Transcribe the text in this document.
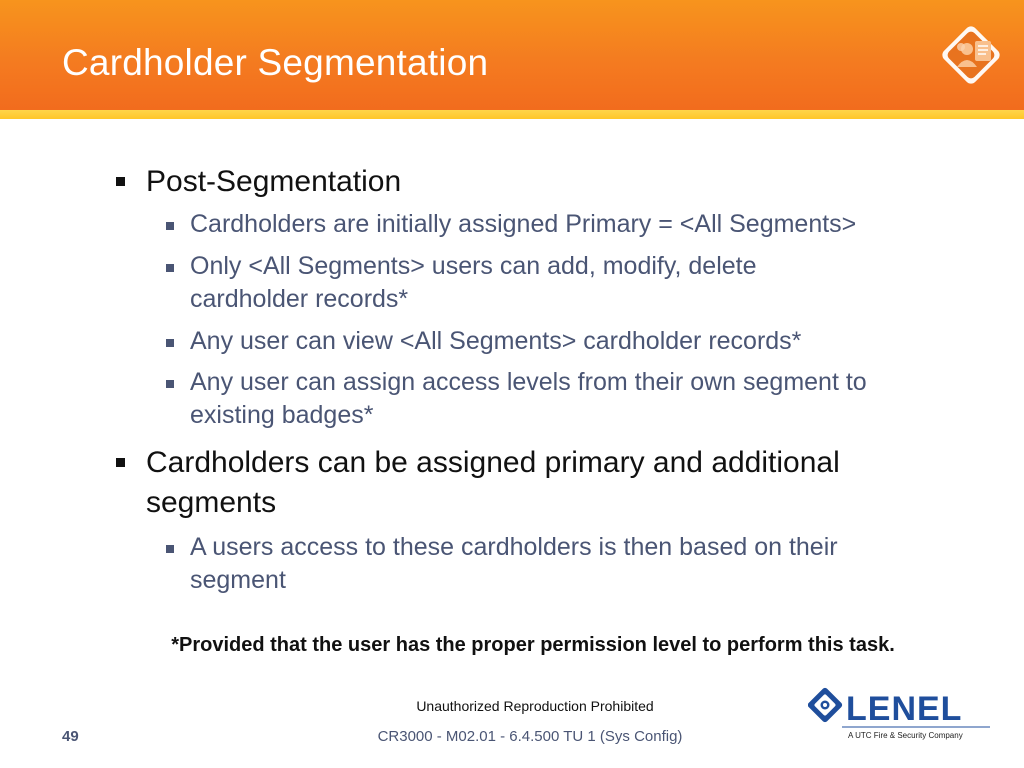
Cardholder Segmentation
Post-Segmentation
Cardholders are initially assigned Primary = <All Segments>
Only <All Segments> users can add, modify, delete
cardholder records*
Any user can view <All Segments> cardholder records*
Any user can assign access levels from their own segment to
existing badges*
Cardholders can be assigned primary and additional
segments
A users access to these cardholders is then based on their
segment
*Provided that the user has the proper permission level to perform this task.
Unauthorized Reproduction Prohibited
CR3000 - M02.01 - 6.4.500 TU 1 (Sys Config)
49
LENEL
A UTC Fire & Security Company
